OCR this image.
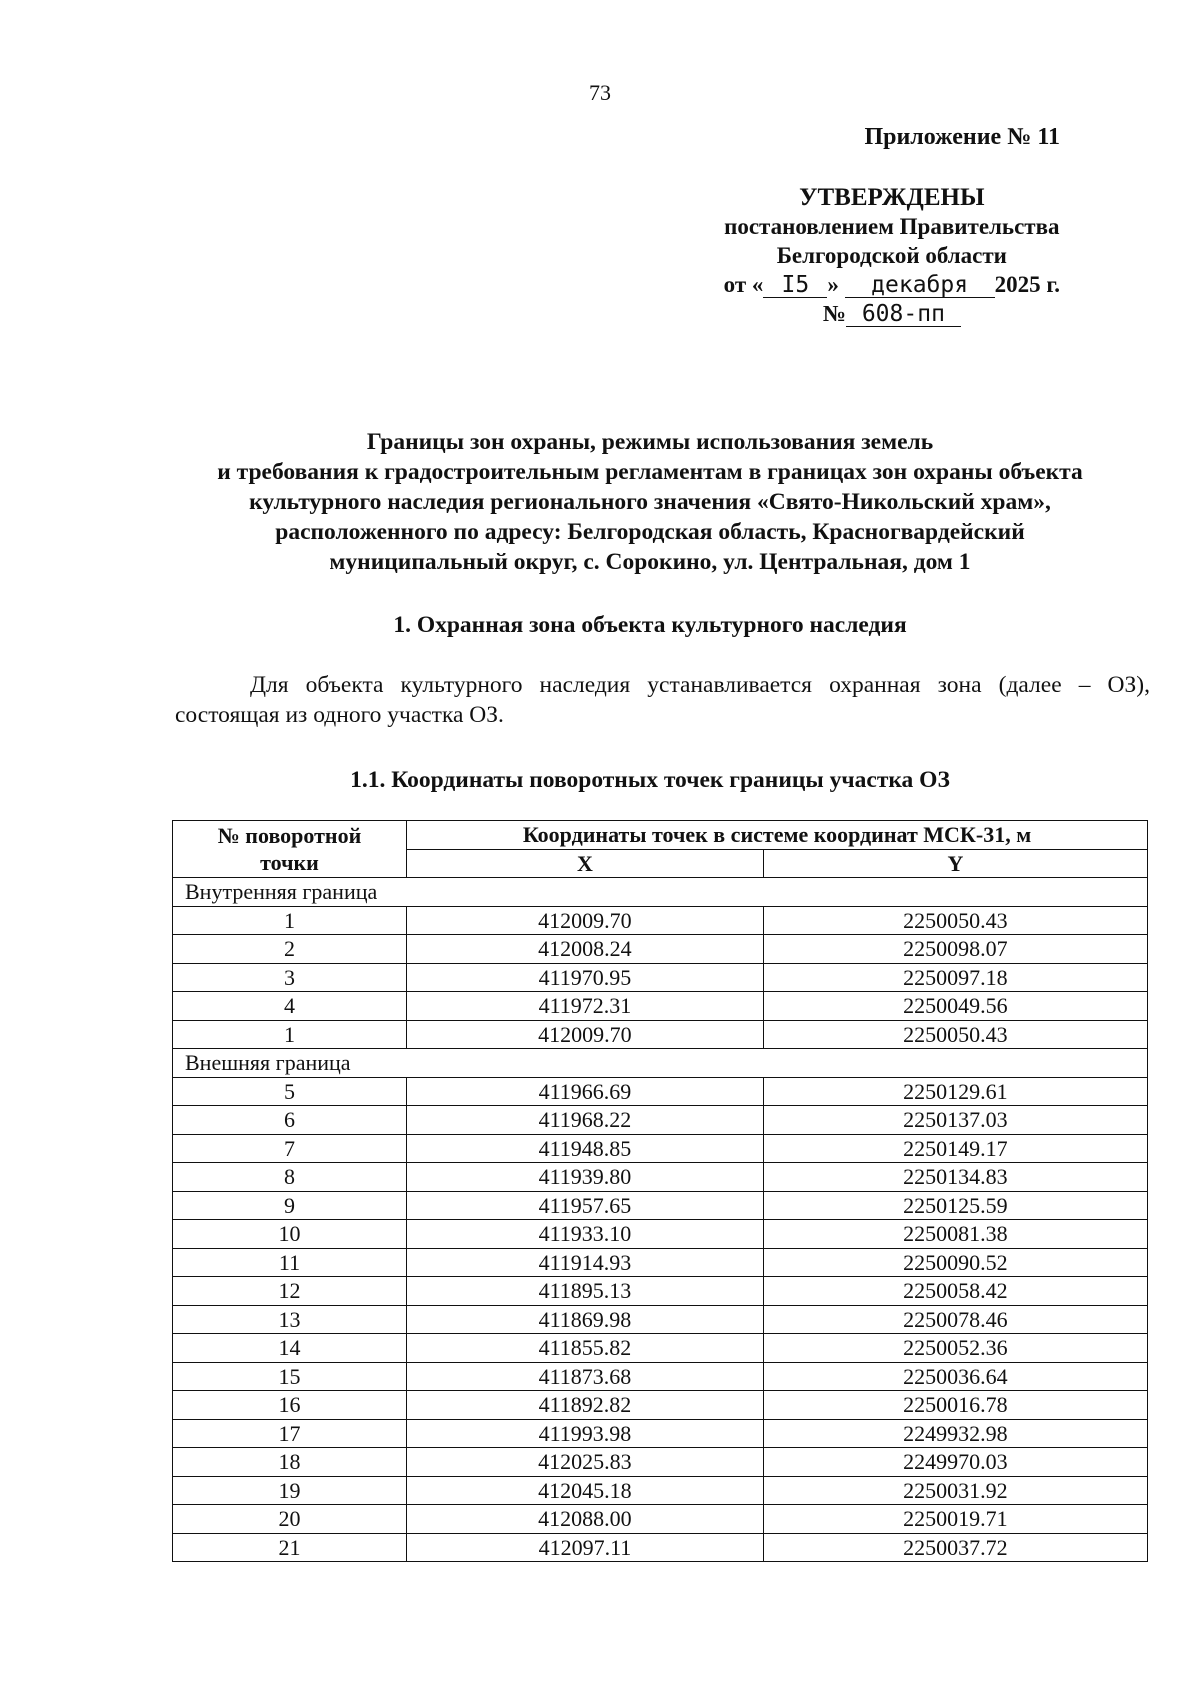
73
Приложение № 11
УТВЕРЖДЕНЫ
постановлением Правительства
Белгородской области
от « I5 » декабря 2025 г.
№ 608-пп
Границы зон охраны, режимы использования земель
и требования к градостроительным регламентам в границах зон охраны объекта
культурного наследия регионального значения «Свято-Никольский храм»,
расположенного по адресу: Белгородская область, Красногвардейский
муниципальный округ, с. Сорокино, ул. Центральная, дом 1
1. Охранная зона объекта культурного наследия
Для объекта культурного наследия устанавливается охранная зона (далее – ОЗ), состоящая из одного участка ОЗ.
1.1. Координаты поворотных точек границы участка ОЗ
№ поворотной точки	Координаты точек в системе координат МСК-31, м	
	X	Y
Внутренняя граница		
1	412009.70	2250050.43
2	412008.24	2250098.07
3	411970.95	2250097.18
4	411972.31	2250049.56
1	412009.70	2250050.43
Внешняя граница		
5	411966.69	2250129.61
6	411968.22	2250137.03
7	411948.85	2250149.17
8	411939.80	2250134.83
9	411957.65	2250125.59
10	411933.10	2250081.38
11	411914.93	2250090.52
12	411895.13	2250058.42
13	411869.98	2250078.46
14	411855.82	2250052.36
15	411873.68	2250036.64
16	411892.82	2250016.78
17	411993.98	2249932.98
18	412025.83	2249970.03
19	412045.18	2250031.92
20	412088.00	2250019.71
21	412097.11	2250037.72
